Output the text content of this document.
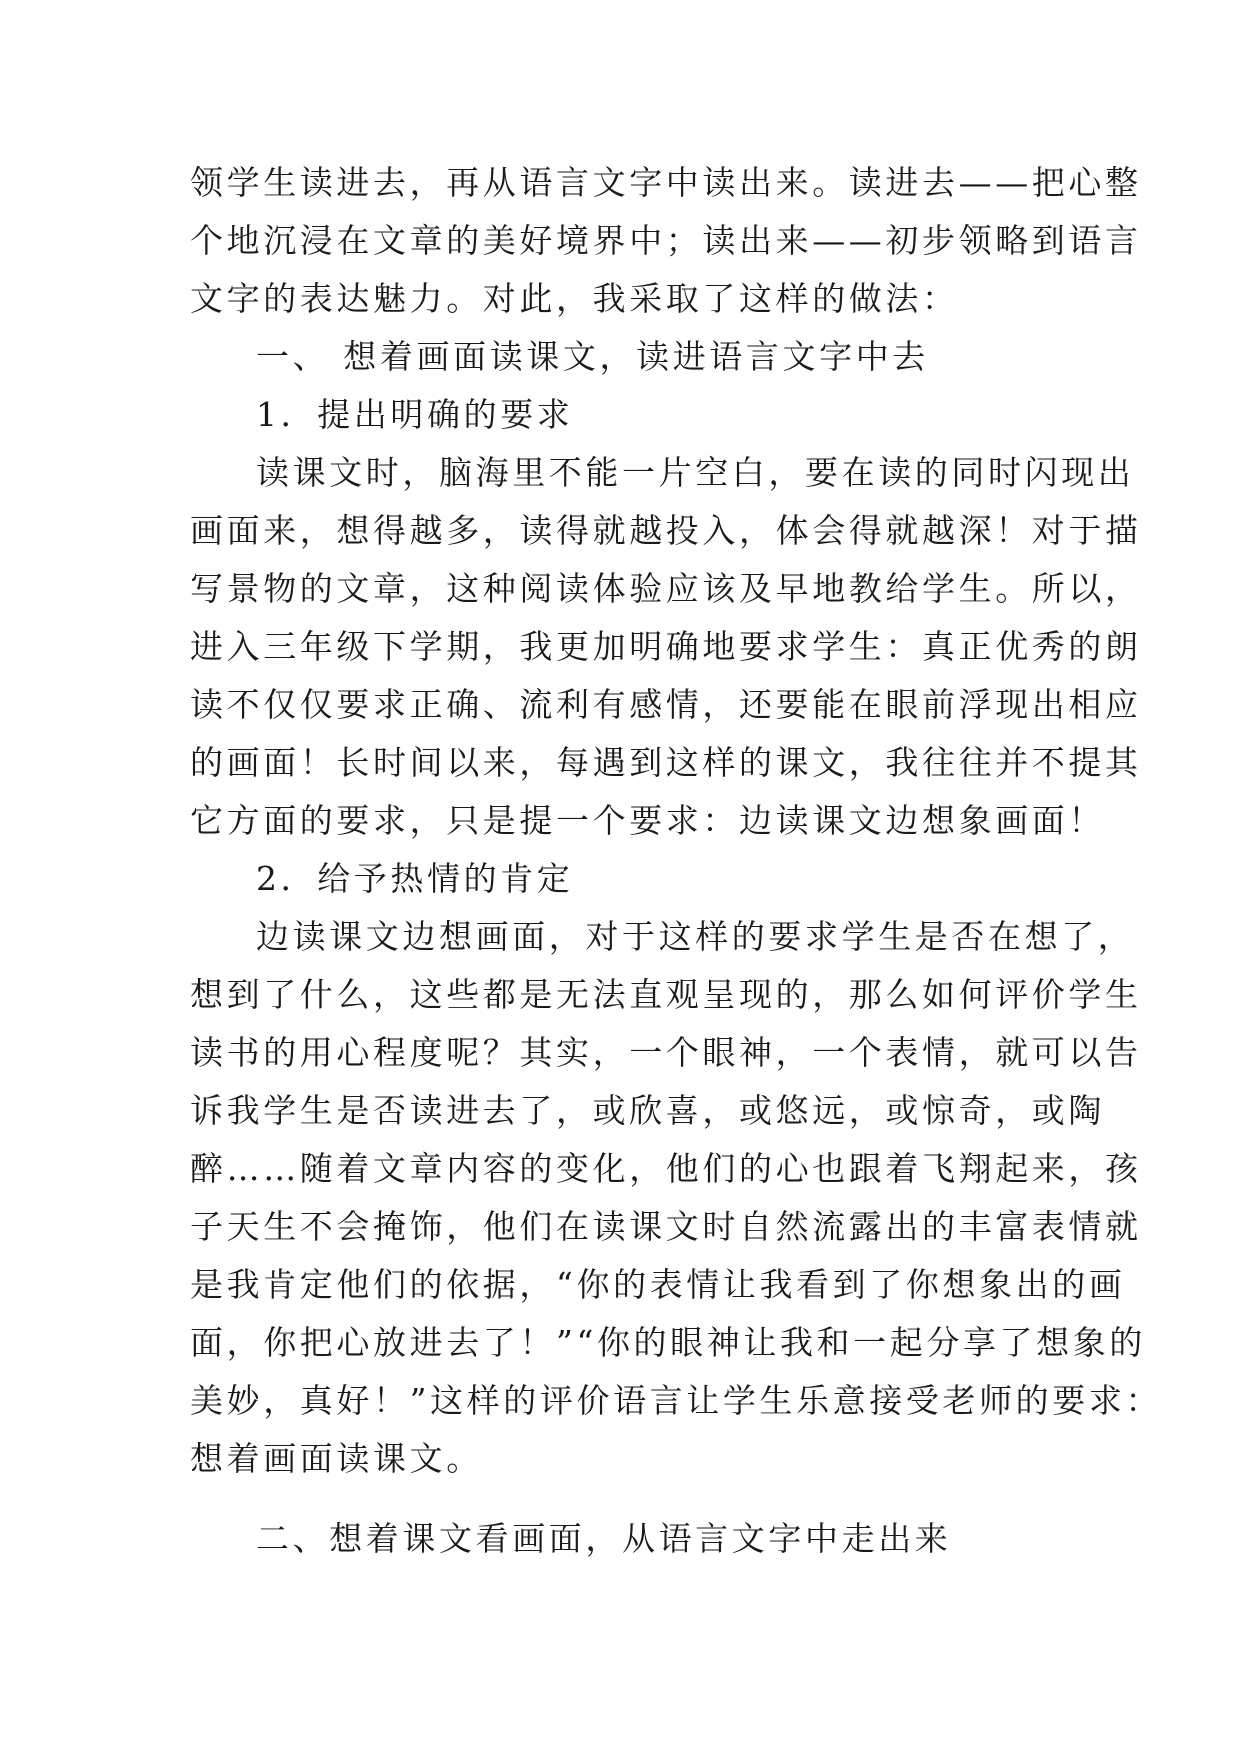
领学生读进去，再从语言文字中读出来。读进去——把心整
个地沉浸在文章的美好境界中；读出来——初步领略到语言
文字的表达魅力。对此，我采取了这样的做法：
一、 想着画面读课文，读进语言文字中去
1．提出明确的要求
读课文时，脑海里不能一片空白，要在读的同时闪现出
画面来，想得越多，读得就越投入，体会得就越深！对于描
写景物的文章，这种阅读体验应该及早地教给学生。所以，
进入三年级下学期，我更加明确地要求学生：真正优秀的朗
读不仅仅要求正确、流利有感情，还要能在眼前浮现出相应
的画面！长时间以来，每遇到这样的课文，我往往并不提其
它方面的要求，只是提一个要求：边读课文边想象画面！
2．给予热情的肯定
边读课文边想画面，对于这样的要求学生是否在想了，
想到了什么，这些都是无法直观呈现的，那么如何评价学生
读书的用心程度呢？其实，一个眼神，一个表情，就可以告
诉我学生是否读进去了，或欣喜，或悠远，或惊奇，或陶
醉……随着文章内容的变化，他们的心也跟着飞翔起来，孩
子天生不会掩饰，他们在读课文时自然流露出的丰富表情就
是我肯定他们的依据，“你的表情让我看到了你想象出的画
面，你把心放进去了！”“你的眼神让我和一起分享了想象的
美妙，真好！”这样的评价语言让学生乐意接受老师的要求：
想着画面读课文。
二、想着课文看画面，从语言文字中走出来
